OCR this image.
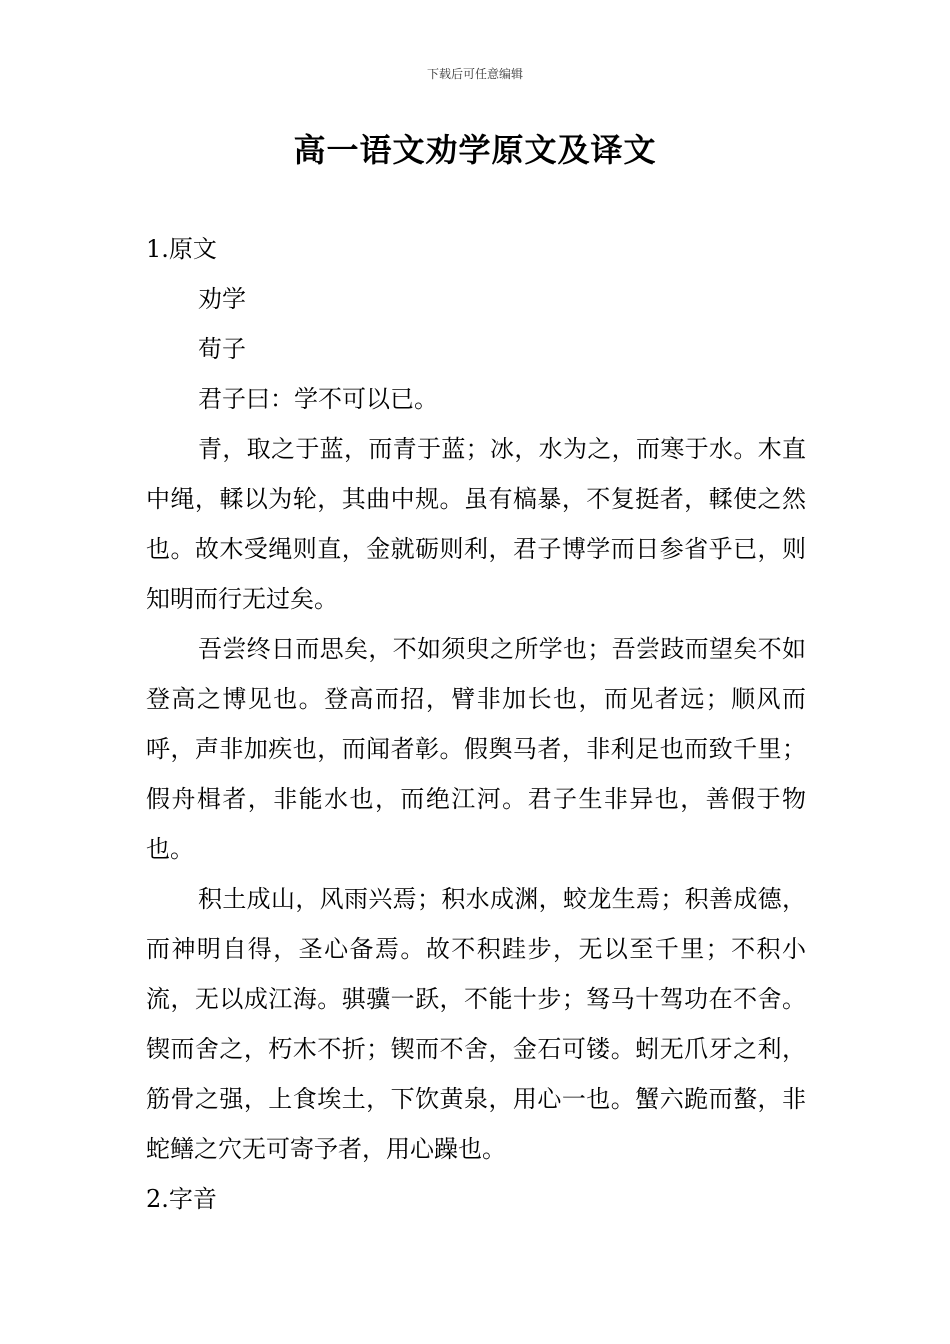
下载后可任意编辑
高一语文劝学原文及译文

1.原文

劝学

荀子

君子曰：学不可以已。

青，取之于蓝，而青于蓝；冰，水为之，而寒于水。木直中绳，輮以为轮，其曲中规。虽有槁暴，不复挺者，輮使之然也。故木受绳则直，金就砺则利，君子博学而日参省乎已，则知明而行无过矣。

吾尝终日而思矣，不如须臾之所学也；吾尝跂而望矣不如登高之博见也。登高而招，臂非加长也，而见者远；顺风而呼，声非加疾也，而闻者彰。假舆马者，非利足也而致千里；假舟楫者，非能水也，而绝江河。君子生非异也，善假于物也。

积土成山，风雨兴焉；积水成渊，蛟龙生焉；积善成德，而神明自得，圣心备焉。故不积跬步，无以至千里；不积小流，无以成江海。骐骥一跃，不能十步；驽马十驾功在不舍。锲而舍之，朽木不折；锲而不舍，金石可镂。蚓无爪牙之利，筋骨之强，上食埃土，下饮黄泉，用心一也。蟹六跪而螯，非蛇鳝之穴无可寄予者，用心躁也。

2.字音
